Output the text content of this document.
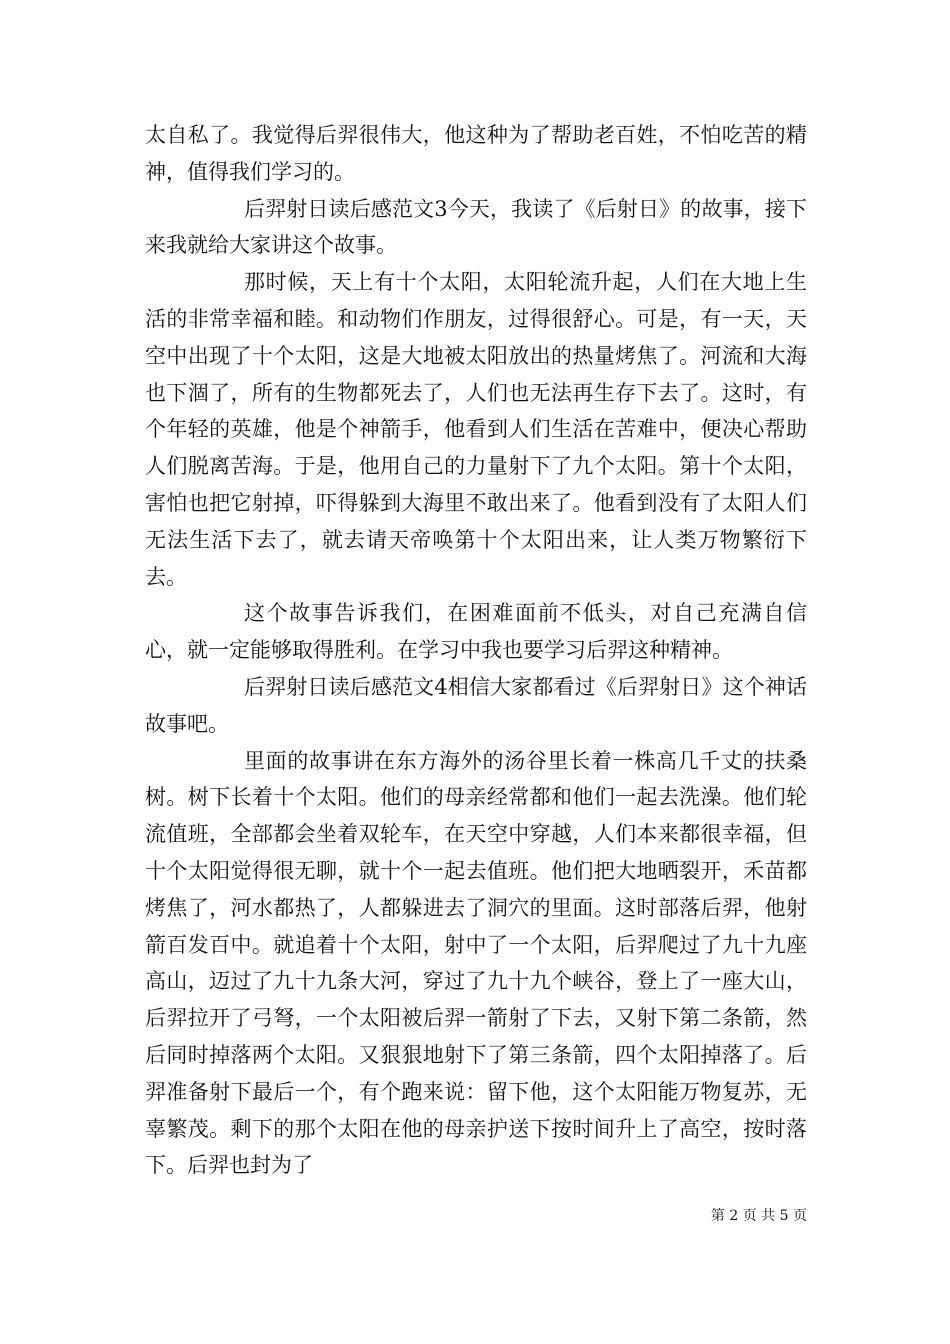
太自私了。我觉得后羿很伟大，他这种为了帮助老百姓，不怕吃苦的精神，值得我们学习的。

后羿射日读后感范文3今天，我读了《后射日》的故事，接下来我就给大家讲这个故事。

那时候，天上有十个太阳，太阳轮流升起，人们在大地上生活的非常幸福和睦。和动物们作朋友，过得很舒心。可是，有一天，天空中出现了十个太阳，这是大地被太阳放出的热量烤焦了。河流和大海也下涸了，所有的生物都死去了，人们也无法再生存下去了。这时，有个年轻的英雄，他是个神箭手，他看到人们生活在苦难中，便决心帮助人们脱离苦海。于是，他用自己的力量射下了九个太阳。第十个太阳，害怕也把它射掉，吓得躲到大海里不敢出来了。他看到没有了太阳人们无法生活下去了，就去请天帝唤第十个太阳出来，让人类万物繁衍下去。

这个故事告诉我们，在困难面前不低头，对自己充满自信心，就一定能够取得胜利。在学习中我也要学习后羿这种精神。

后羿射日读后感范文4相信大家都看过《后羿射日》这个神话故事吧。

里面的故事讲在东方海外的汤谷里长着一株高几千丈的扶桑树。树下长着十个太阳。他们的母亲经常都和他们一起去洗澡。他们轮流值班，全部都会坐着双轮车，在天空中穿越，人们本来都很幸福，但十个太阳觉得很无聊，就十个一起去值班。他们把大地晒裂开，禾苗都烤焦了，河水都热了，人都躲进去了洞穴的里面。这时部落后羿，他射箭百发百中。就追着十个太阳，射中了一个太阳，后羿爬过了九十九座高山，迈过了九十九条大河，穿过了九十九个峡谷，登上了一座大山，后羿拉开了弓弩，一个太阳被后羿一箭射了下去，又射下第二条箭，然后同时掉落两个太阳。又狠狠地射下了第三条箭，四个太阳掉落了。后羿准备射下最后一个，有个跑来说：留下他，这个太阳能万物复苏，无辜繁茂。剩下的那个太阳在他的母亲护送下按时间升上了高空，按时落下。后羿也封为了

第 2 页 共 5 页
